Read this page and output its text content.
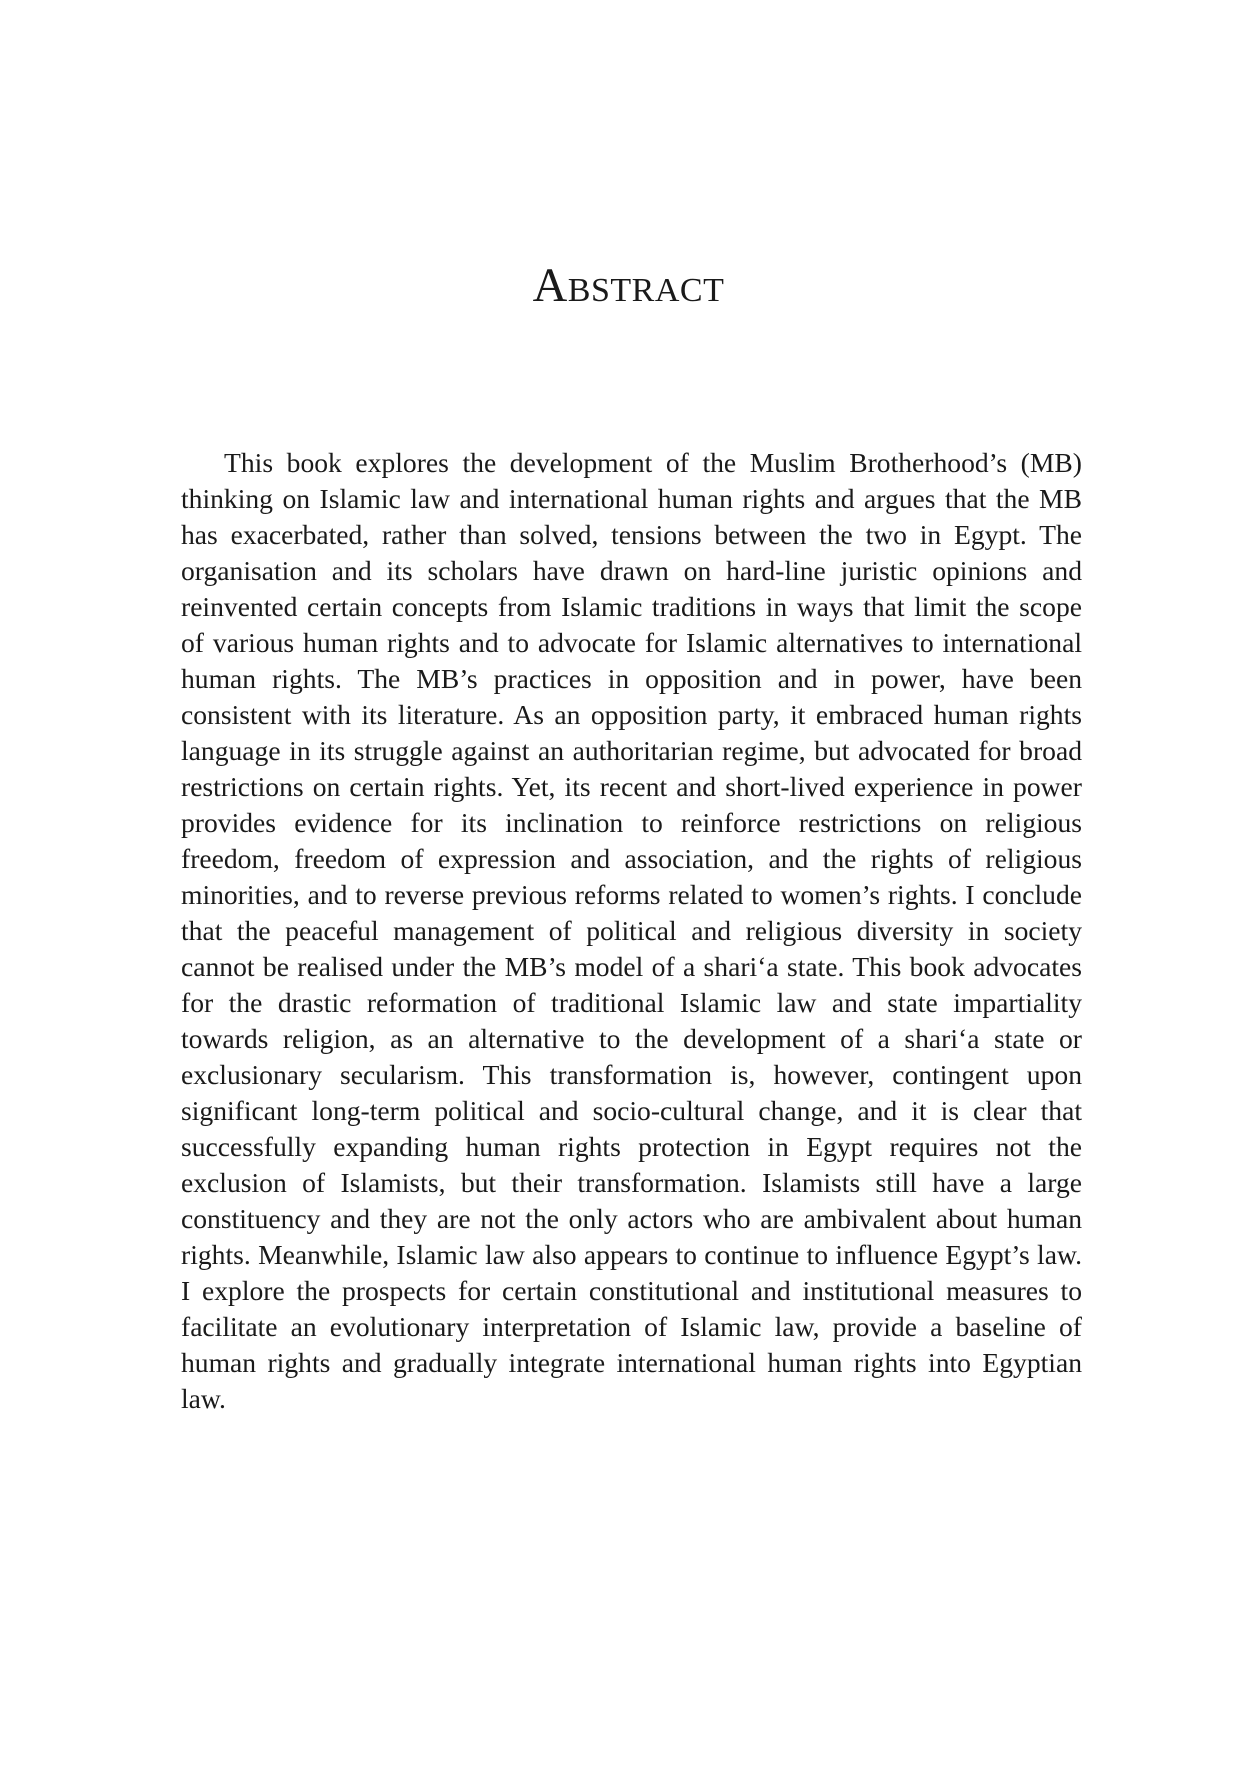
Abstract

This book explores the development of the Muslim Brotherhood’s (MB) thinking on Islamic law and international human rights and argues that the MB has exacerbated, rather than solved, tensions between the two in Egypt. The organisation and its scholars have drawn on hard-line juristic opinions and reinvented certain concepts from Islamic traditions in ways that limit the scope of various human rights and to advocate for Islamic alternatives to international human rights. The MB’s practices in opposition and in power, have been consistent with its literature. As an opposition party, it embraced human rights language in its struggle against an authoritarian regime, but advocated for broad restrictions on certain rights. Yet, its recent and short-lived experience in power provides evidence for its inclination to reinforce restrictions on religious freedom, freedom of expression and association, and the rights of religious minorities, and to reverse previous reforms related to women’s rights. I conclude that the peaceful management of political and religious diversity in society cannot be realised under the MB’s model of a shari‘a state. This book advocates for the drastic reformation of traditional Islamic law and state impartiality towards religion, as an alternative to the development of a shari‘a state or exclusionary secularism. This transformation is, however, contingent upon significant long-term political and socio-cultural change, and it is clear that successfully expanding human rights protection in Egypt requires not the exclusion of Islamists, but their transformation. Islamists still have a large constituency and they are not the only actors who are ambivalent about human rights. Meanwhile, Islamic law also appears to continue to influence Egypt’s law. I explore the prospects for certain constitutional and institutional measures to facilitate an evolutionary interpretation of Islamic law, provide a baseline of human rights and gradually integrate international human rights into Egyptian law.
